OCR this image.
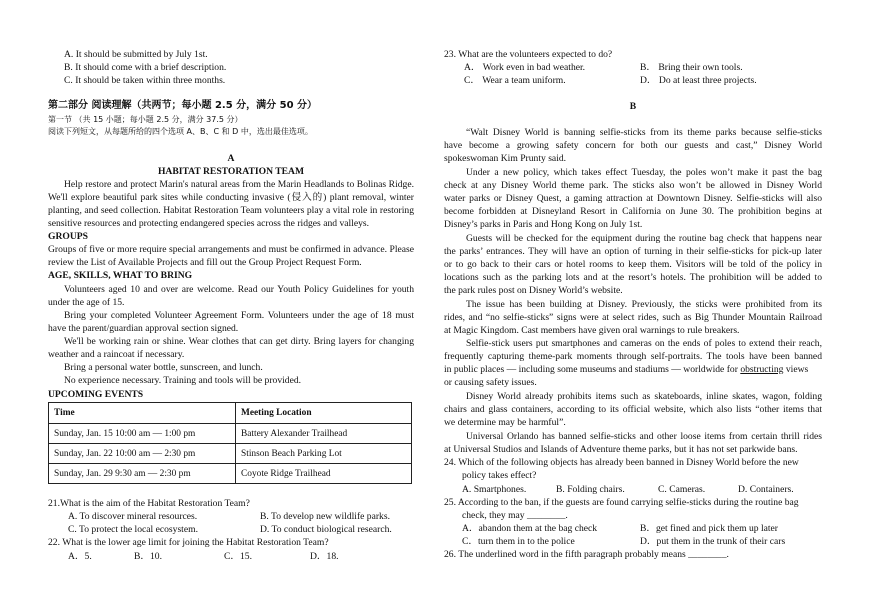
A. It should be submitted by July 1st.
B. It should come with a brief description.
C. It should be taken within three months.
第二部分 阅读理解（共两节；每小题 2.5 分，满分 50 分）
第一节 （共 15 小题；每小题 2.5 分，满分 37.5 分）
阅读下列短文，从每题所给的四个选项 A、B、C 和 D 中，选出最佳选项。
A
HABITAT RESTORATION TEAM
Help restore and protect Marin's natural areas from the Marin Headlands to Bolinas Ridge.
We'll explore beautiful park sites while conducting invasive (侵入的) plant removal, winter
planting, and seed collection. Habitat Restoration Team volunteers play a vital role in restoring
sensitive resources and protecting endangered species across the ridges and valleys.
GROUPS
Groups of five or more require special arrangements and must be confirmed in advance. Please
review the List of Available Projects and fill out the Group Project Request Form.
AGE, SKILLS, WHAT TO BRING
Volunteers aged 10 and over are welcome. Read our Youth Policy Guidelines for youth
under the age of 15.
Bring your completed Volunteer Agreement Form. Volunteers under the age of 18 must
have the parent/guardian approval section signed.
We'll be working rain or shine. Wear clothes that can get dirty. Bring layers for changing
weather and a raincoat if necessary.
Bring a personal water bottle, sunscreen, and lunch.
No experience necessary. Training and tools will be provided.
UPCOMING EVENTS
Time	Meeting Location
Sunday, Jan. 15 10:00 am — 1:00 pm	Battery Alexander Trailhead
Sunday, Jan. 22 10:00 am — 2:30 pm	Stinson Beach Parking Lot
Sunday, Jan. 29 9:30 am — 2:30 pm	Coyote Ridge Trailhead
21.What is the aim of the Habitat Restoration Team?
A. To discover mineral resources.	B. To develop new wildlife parks.
C. To protect the local ecosystem.	D. To conduct biological research.
22. What is the lower age limit for joining the Habitat Restoration Team?
A．5.	B．10.	C．15.	D．18.
23. What are the volunteers expected to do?
A． Work even in bad weather.	B． Bring their own tools.
C． Wear a team uniform.	D． Do at least three projects.
B
“Walt Disney World is banning selfie-sticks from its theme parks because selfie-sticks
have become a growing safety concern for both our guests and cast,” Disney World
spokeswoman Kim Prunty said.
Under a new policy, which takes effect Tuesday, the poles won’t make it past the bag
check at any Disney World theme park. The sticks also won’t be allowed in Disney World
water parks or Disney Quest, a gaming attraction at Downtown Disney. Selfie-sticks will also
become forbidden at Disneyland Resort in California on June 30. The prohibition begins at
Disney’s parks in Paris and Hong Kong on July 1st.
Guests will be checked for the equipment during the routine bag check that happens near
the parks’ entrances. They will have an option of turning in their selfie-sticks for pick-up later
or to go back to their cars or hotel rooms to keep them. Visitors will be told of the policy in
locations such as the parking lots and at the resort’s hotels. The prohibition will be added to
the park rules post on Disney World’s website.
The issue has been building at Disney. Previously, the sticks were prohibited from its
rides, and “no selfie-sticks” signs were at select rides, such as Big Thunder Mountain Railroad
at Magic Kingdom. Cast members have given oral warnings to rule breakers.
Selfie-stick users put smartphones and cameras on the ends of poles to extend their reach,
frequently capturing theme-park moments through self-portraits. The tools have been banned
in public places — including some museums and stadiums — worldwide for obstructing views
or causing safety issues.
Disney World already prohibits items such as skateboards, inline skates, wagon, folding
chairs and glass containers, according to its official website, which also lists “other items that
we determine may be harmful”.
Universal Orlando has banned selfie-sticks and other loose items from certain thrill rides
at Universal Studios and Islands of Adventure theme parks, but it has not set parkwide bans.
24. Which of the following objects has already been banned in Disney World before the new
policy takes effect?
A. Smartphones.	B. Folding chairs.	C. Cameras.	D. Containers.
25. According to the ban, if the guests are found carrying selfie-sticks during the routine bag
check, they may ________.
A．abandon them at the bag check	B．get fined and pick them up later
C．turn them in to the police	D．put them in the trunk of their cars
26. The underlined word in the fifth paragraph probably means ________.
